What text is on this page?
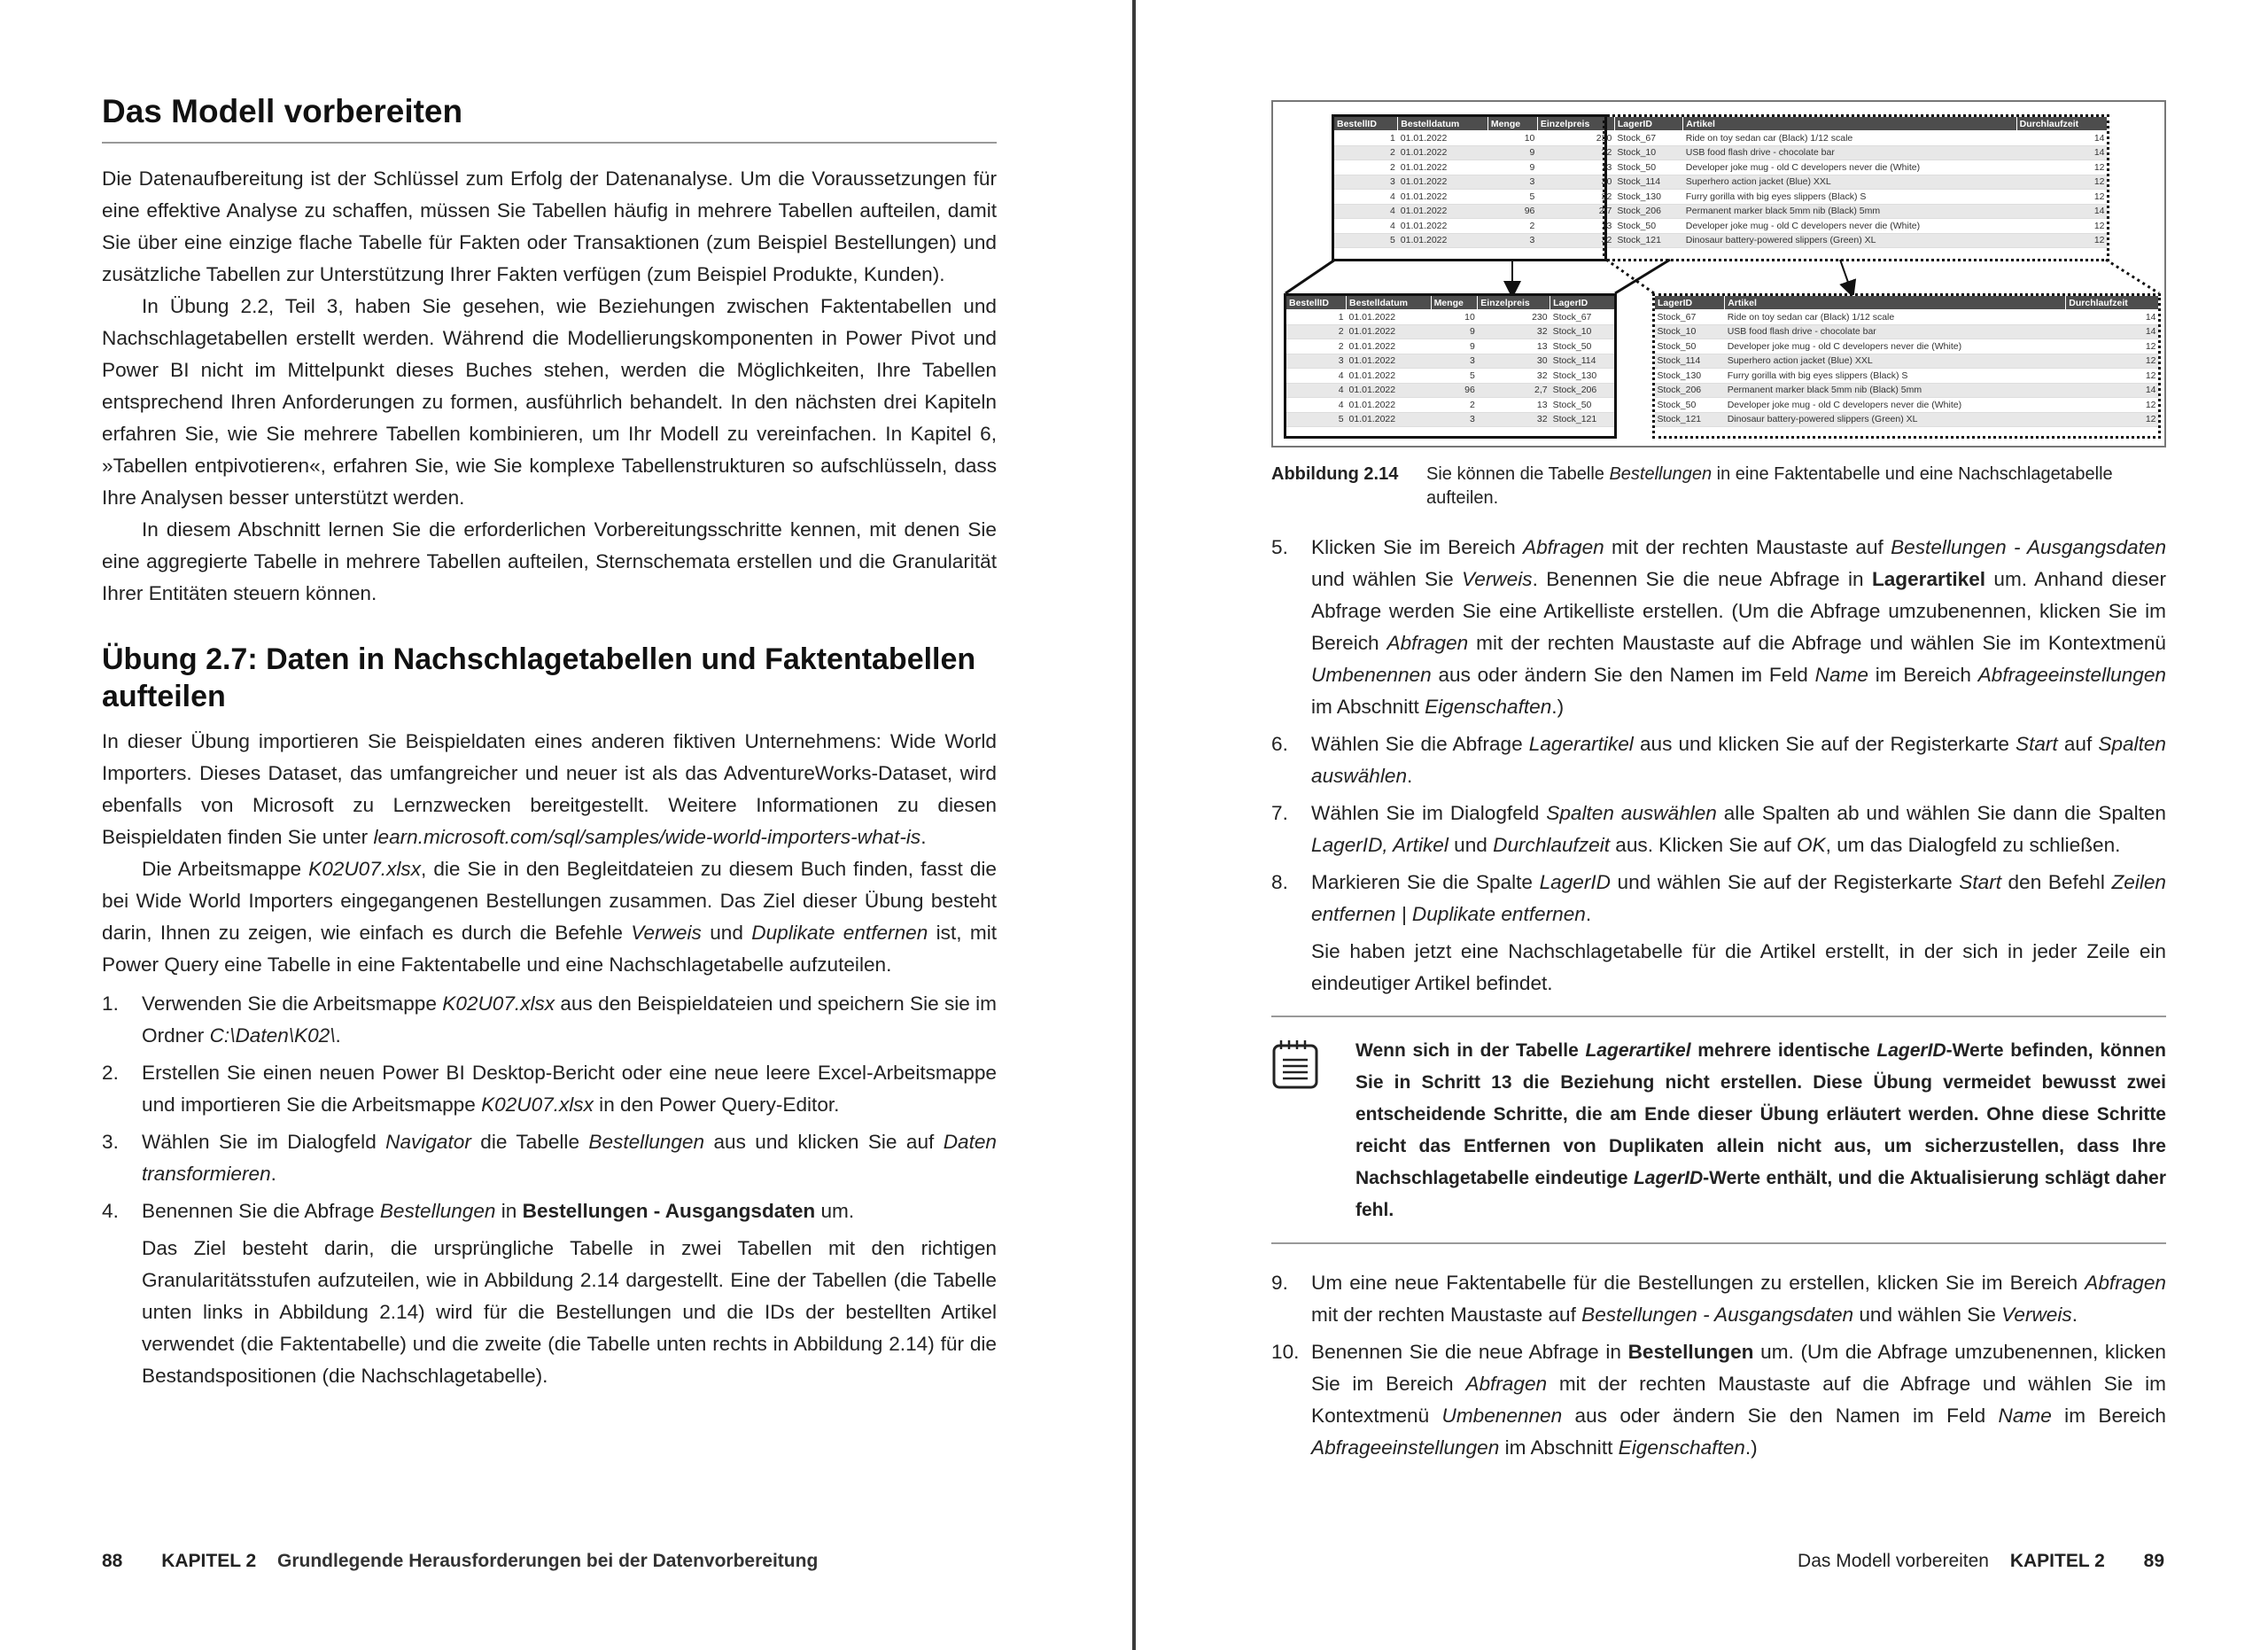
Das Modell vorbereiten

Die Datenaufbereitung ist der Schlüssel zum Erfolg der Datenanalyse. Um die Voraussetzungen für eine effektive Analyse zu schaffen, müssen Sie Tabellen häufig in mehrere Tabellen aufteilen, damit Sie über eine einzige flache Tabelle für Fakten oder Transaktionen (zum Beispiel Bestellungen) und zusätzliche Tabellen zur Unterstützung Ihrer Fakten verfügen (zum Beispiel Produkte, Kunden).

In Übung 2.2, Teil 3, haben Sie gesehen, wie Beziehungen zwischen Faktentabellen und Nachschlagetabellen erstellt werden. Während die Modellierungskomponenten in Power Pivot und Power BI nicht im Mittelpunkt dieses Buches stehen, werden die Möglichkeiten, Ihre Tabellen entsprechend Ihren Anforderungen zu formen, ausführlich behandelt. In den nächsten drei Kapiteln erfahren Sie, wie Sie mehrere Tabellen kombinieren, um Ihr Modell zu vereinfachen. In Kapitel 6, »Tabellen entpivotieren«, erfahren Sie, wie Sie komplexe Tabellenstrukturen so aufschlüsseln, dass Ihre Analysen besser unterstützt werden.

In diesem Abschnitt lernen Sie die erforderlichen Vorbereitungsschritte kennen, mit denen Sie eine aggregierte Tabelle in mehrere Tabellen aufteilen, Sternschemata erstellen und die Granularität Ihrer Entitäten steuern können.

Übung 2.7: Daten in Nachschlagetabellen und Faktentabellen aufteilen

In dieser Übung importieren Sie Beispieldaten eines anderen fiktiven Unternehmens: Wide World Importers. Dieses Dataset, das umfangreicher und neuer ist als das AdventureWorks-Dataset, wird ebenfalls von Microsoft zu Lernzwecken bereitgestellt. Weitere Informationen zu diesen Beispieldaten finden Sie unter learn.microsoft.com/sql/samples/wide-world-importers-what-is.

Die Arbeitsmappe K02U07.xlsx, die Sie in den Begleitdateien zu diesem Buch finden, fasst die bei Wide World Importers eingegangenen Bestellungen zusammen. Das Ziel dieser Übung besteht darin, Ihnen zu zeigen, wie einfach es durch die Befehle Verweis und Duplikate entfernen ist, mit Power Query eine Tabelle in eine Faktentabelle und eine Nachschlagetabelle aufzuteilen.

1. Verwenden Sie die Arbeitsmappe K02U07.xlsx aus den Beispieldateien und speichern Sie sie im Ordner C:\Daten\K02\.
2. Erstellen Sie einen neuen Power BI Desktop-Bericht oder eine neue leere Excel-Arbeitsmappe und importieren Sie die Arbeitsmappe K02U07.xlsx in den Power Query-Editor.
3. Wählen Sie im Dialogfeld Navigator die Tabelle Bestellungen aus und klicken Sie auf Daten transformieren.
4. Benennen Sie die Abfrage Bestellungen in Bestellungen - Ausgangsdaten um.

Das Ziel besteht darin, die ursprüngliche Tabelle in zwei Tabellen mit den richtigen Granularitätsstufen aufzuteilen, wie in Abbildung 2.14 dargestellt. Eine der Tabellen (die Tabelle unten links in Abbildung 2.14) wird für die Bestellungen und die IDs der bestellten Artikel verwendet (die Faktentabelle) und die zweite (die Tabelle unten rechts in Abbildung 2.14) für die Bestandspositionen (die Nachschlagetabelle).

88 KAPITEL 2 Grundlegende Herausforderungen bei der Datenvorbereitung
BestellID	Bestelldatum	Menge	Einzelpreis	LagerID	Artikel	Durchlaufzeit
1	01.01.2022	10	230	Stock_67	Ride on toy sedan car (Black) 1/12 scale	14
2	01.01.2022	9	32	Stock_10	USB food flash drive - chocolate bar	14
2	01.01.2022	9	13	Stock_50	Developer joke mug - old C developers never die (White)	12
3	01.01.2022	3	30	Stock_114	Superhero action jacket (Blue) XXL	12
4	01.01.2022	5	32	Stock_130	Furry gorilla with big eyes slippers (Black) S	12
4	01.01.2022	96	2,7	Stock_206	Permanent marker black 5mm nib (Black) 5mm	14
4	01.01.2022	2	13	Stock_50	Developer joke mug - old C developers never die (White)	12
5	01.01.2022	3	32	Stock_121	Dinosaur battery-powered slippers (Green) XL	12
BestellID	Bestelldatum	Menge	Einzelpreis	LagerID
1	01.01.2022	10	230	Stock_67
2	01.01.2022	9	32	Stock_10
2	01.01.2022	9	13	Stock_50
3	01.01.2022	3	30	Stock_114
4	01.01.2022	5	32	Stock_130
4	01.01.2022	96	2,7	Stock_206
4	01.01.2022	2	13	Stock_50
5	01.01.2022	3	32	Stock_121
LagerID	Artikel	Durchlaufzeit
Stock_67	Ride on toy sedan car (Black) 1/12 scale	14
Stock_10	USB food flash drive - chocolate bar	14
Stock_50	Developer joke mug - old C developers never die (White)	12
Stock_114	Superhero action jacket (Blue) XXL	12
Stock_130	Furry gorilla with big eyes slippers (Black) S	12
Stock_206	Permanent marker black 5mm nib (Black) 5mm	14
Stock_50	Developer joke mug - old C developers never die (White)	12
Stock_121	Dinosaur battery-powered slippers (Green) XL	12
Abbildung 2.14 Sie können die Tabelle Bestellungen in eine Faktentabelle und eine Nachschlagetabelle aufteilen.
5. Klicken Sie im Bereich Abfragen mit der rechten Maustaste auf Bestellungen - Ausgangsdaten und wählen Sie Verweis. Benennen Sie die neue Abfrage in Lagerartikel um. Anhand dieser Abfrage werden Sie eine Artikelliste erstellen. (Um die Abfrage umzubenennen, klicken Sie im Bereich Abfragen mit der rechten Maustaste auf die Abfrage und wählen Sie im Kontextmenü Umbenennen aus oder ändern Sie den Namen im Feld Name im Bereich Abfrageeinstellungen im Abschnitt Eigenschaften.)
6. Wählen Sie die Abfrage Lagerartikel aus und klicken Sie auf der Registerkarte Start auf Spalten auswählen.
7. Wählen Sie im Dialogfeld Spalten auswählen alle Spalten ab und wählen Sie dann die Spalten LagerID, Artikel und Durchlaufzeit aus. Klicken Sie auf OK, um das Dialogfeld zu schließen.
8. Markieren Sie die Spalte LagerID und wählen Sie auf der Registerkarte Start den Befehl Zeilen entfernen | Duplikate entfernen.

Sie haben jetzt eine Nachschlagetabelle für die Artikel erstellt, in der sich in jeder Zeile ein eindeutiger Artikel befindet.

Wenn sich in der Tabelle Lagerartikel mehrere identische LagerID-Werte befinden, können Sie in Schritt 13 die Beziehung nicht erstellen. Diese Übung vermeidet bewusst zwei entscheidende Schritte, die am Ende dieser Übung erläutert werden. Ohne diese Schritte reicht das Entfernen von Duplikaten allein nicht aus, um sicherzustellen, dass Ihre Nachschlagetabelle eindeutige LagerID-Werte enthält, und die Aktualisierung schlägt daher fehl.
9. Um eine neue Faktentabelle für die Bestellungen zu erstellen, klicken Sie im Bereich Abfragen mit der rechten Maustaste auf Bestellungen - Ausgangsdaten und wählen Sie Verweis.
10. Benennen Sie die neue Abfrage in Bestellungen um. (Um die Abfrage umzubenennen, klicken Sie im Bereich Abfragen mit der rechten Maustaste auf die Abfrage und wählen Sie im Kontextmenü Umbenennen aus oder ändern Sie den Namen im Feld Name im Bereich Abfrageeinstellungen im Abschnitt Eigenschaften.)
Das Modell vorbereiten KAPITEL 2 89
